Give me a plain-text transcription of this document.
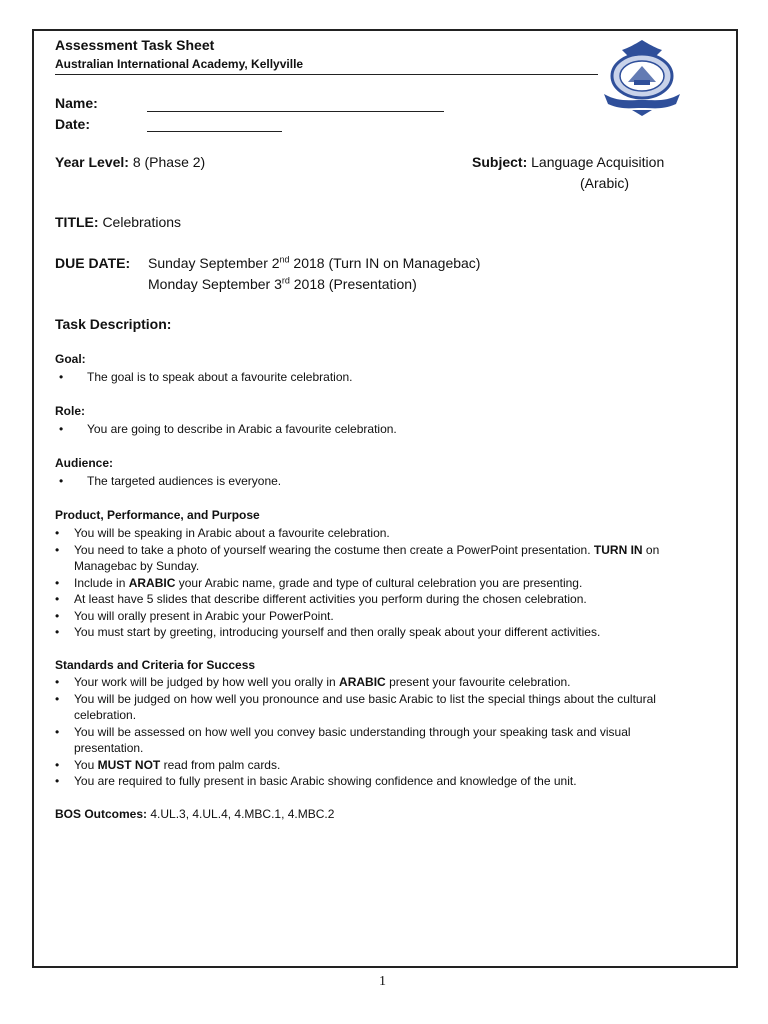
Assessment Task Sheet
Australian International Academy, Kellyville
Name:
Date:
Year Level: 8 (Phase 2)	Subject: Language Acquisition
(Arabic)
TITLE: Celebrations
DUE DATE: Sunday September 2nd 2018 (Turn IN on Managebac)
Monday September 3rd 2018 (Presentation)
Task Description:
Goal:
• The goal is to speak about a favourite celebration.
Role:
• You are going to describe in Arabic a favourite celebration.
Audience:
• The targeted audiences is everyone.
Product, Performance, and Purpose
• You will be speaking in Arabic about a favourite celebration.
• You need to take a photo of yourself wearing the costume then create a PowerPoint presentation. TURN IN on
Managebac by Sunday.
• Include in ARABIC your Arabic name, grade and type of cultural celebration you are presenting.
• At least have 5 slides that describe different activities you perform during the chosen celebration.
• You will orally present in Arabic your PowerPoint.
• You must start by greeting, introducing yourself and then orally speak about your different activities.
Standards and Criteria for Success
• Your work will be judged by how well you orally in ARABIC present your favourite celebration.
• You will be judged on how well you pronounce and use basic Arabic to list the special things about the cultural
celebration.
• You will be assessed on how well you convey basic understanding through your speaking task and visual
presentation.
• You MUST NOT read from palm cards.
• You are required to fully present in basic Arabic showing confidence and knowledge of the unit.
BOS Outcomes: 4.UL.3, 4.UL.4, 4.MBC.1, 4.MBC.2
1
